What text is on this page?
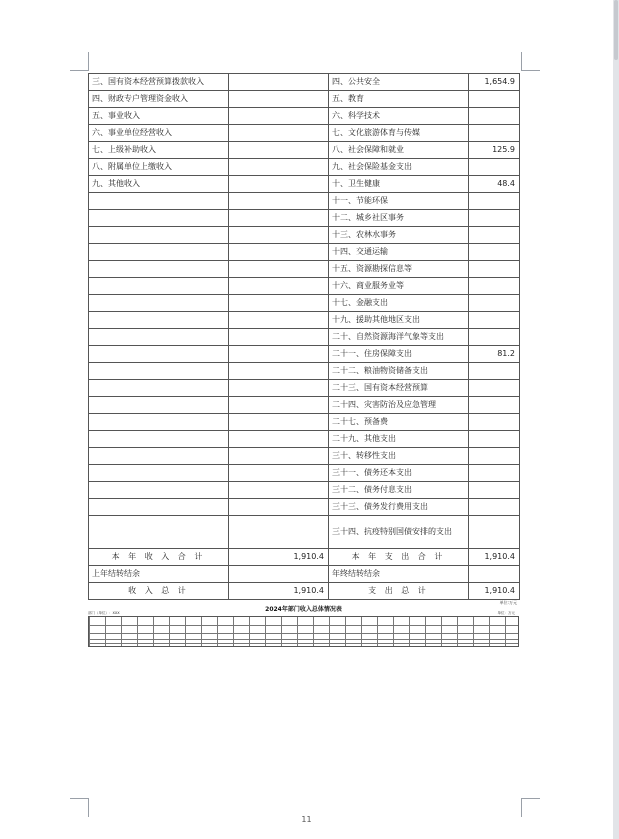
三、国有资本经营预算拨款收入		四、公共安全	1,654.9
四、财政专户管理资金收入		五、教育	
五、事业收入		六、科学技术	
六、事业单位经营收入		七、文化旅游体育与传媒	
七、上级补助收入		八、社会保障和就业	125.9
八、附属单位上缴收入		九、社会保险基金支出	
九、其他收入		十、卫生健康	48.4
		十一、节能环保	
		十二、城乡社区事务	
		十三、农林水事务	
		十四、交通运输	
		十五、资源勘探信息等	
		十六、商业服务业等	
		十七、金融支出	
		十九、援助其他地区支出	
		二十、自然资源海洋气象等支出	
		二十一、住房保障支出	81.2
		二十二、粮油物资储备支出	
		二十三、国有资本经营预算	
		二十四、灾害防治及应急管理	
		二十七、预备费	
		二十九、其他支出	
		三十、转移性支出	
		三十一、债务还本支出	
		三十二、债务付息支出	
		三十三、债务发行费用支出	
		三十四、抗疫特别国债安排的支出	
本 年 收 入 合 计	1,910.4	本 年 支 出 合 计	1,910.4
上年结转结余		年终结转结余	
收 入 总 计	1,910.4	支 出 总 计	1,910.4
单位:万元
2024年部门收入总体情况表
部门（单位）：XXX	单位：万元
11
